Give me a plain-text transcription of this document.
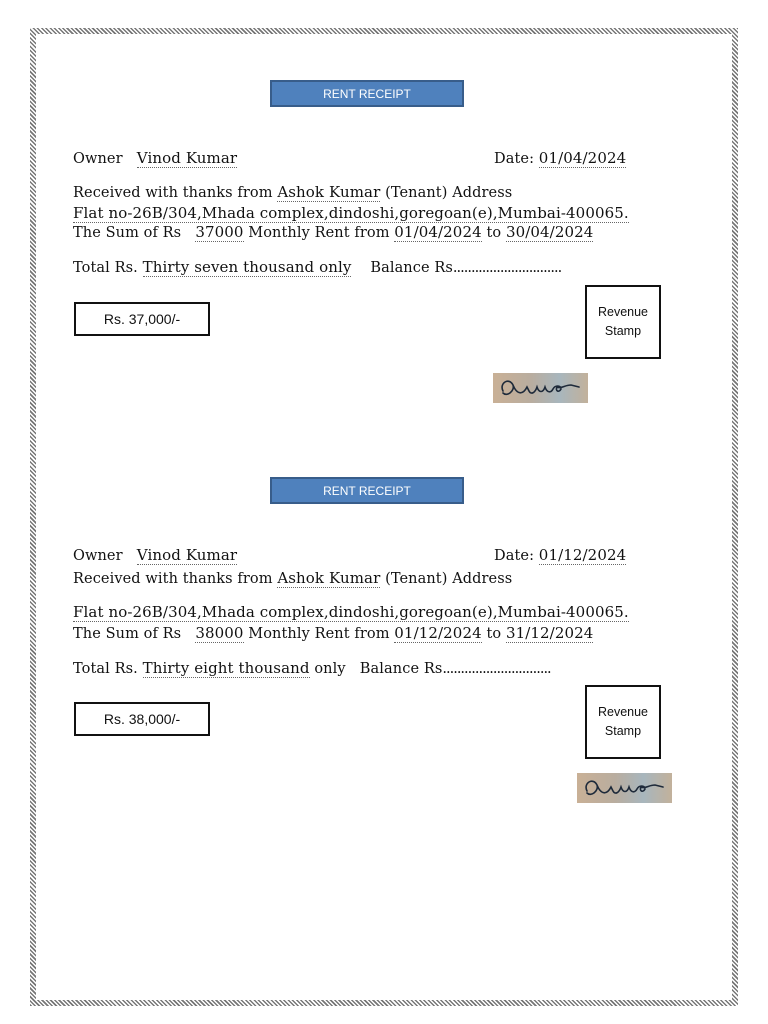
RENT RECEIPT
Owner Vinod Kumar	Date: 01/04/2024
Received with thanks from Ashok Kumar (Tenant) Address
Flat no-26B/304,Mhada complex,dindoshi,goregoan(e),Mumbai-400065.
The Sum of Rs 37000 Monthly Rent from 01/04/2024 to 30/04/2024
Total Rs. Thirty seven thousand only Balance Rs..............................
Rs. 37,000/-	Revenue
Stamp
RENT RECEIPT
Owner Vinod Kumar	Date: 01/12/2024
Received with thanks from Ashok Kumar (Tenant) Address
Flat no-26B/304,Mhada complex,dindoshi,goregoan(e),Mumbai-400065.
The Sum of Rs 38000 Monthly Rent from 01/12/2024 to 31/12/2024
Total Rs. Thirty eight thousand only Balance Rs..............................
Rs. 38,000/-	Revenue
Stamp
